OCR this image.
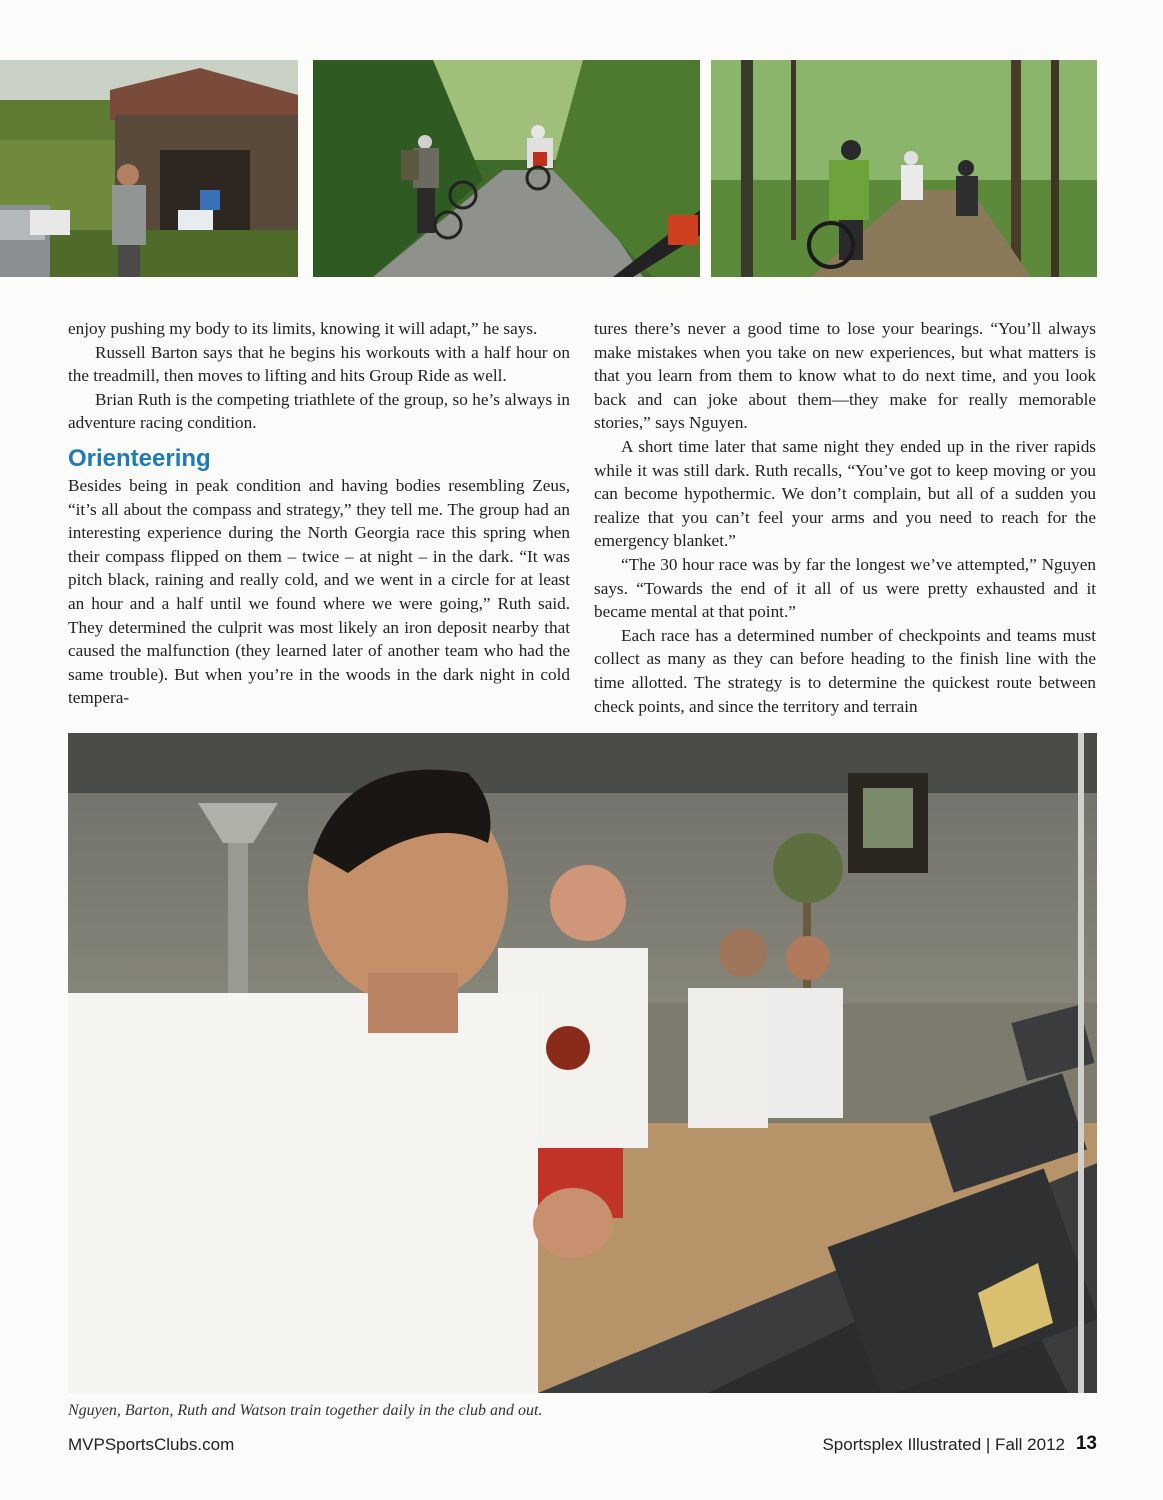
enjoy pushing my body to its limits, knowing it will adapt,” he says.

Russell Barton says that he begins his workouts with a half hour on the treadmill, then moves to lifting and hits Group Ride as well.

Brian Ruth is the competing triathlete of the group, so he’s always in adventure racing condition.

Orienteering

Besides being in peak condition and having bodies resembling Zeus, “it’s all about the compass and strategy,” they tell me. The group had an interesting experience during the North Georgia race this spring when their compass flipped on them – twice – at night – in the dark. “It was pitch black, raining and really cold, and we went in a circle for at least an hour and a half until we found where we were going,” Ruth said. They determined the culprit was most likely an iron deposit nearby that caused the malfunction (they learned later of another team who had the same trouble). But when you’re in the woods in the dark night in cold tempera-

tures there’s never a good time to lose your bearings. “You’ll always make mistakes when you take on new experiences, but what matters is that you learn from them to know what to do next time, and you look back and can joke about them—they make for really memorable stories,” says Nguyen.

A short time later that same night they ended up in the river rapids while it was still dark. Ruth recalls, “You’ve got to keep moving or you can become hypothermic. We don’t complain, but all of a sudden you realize that you can’t feel your arms and you need to reach for the emergency blanket.”

“The 30 hour race was by far the longest we’ve attempted,” Nguyen says. “Towards the end of it all of us were pretty exhausted and it became mental at that point.”

Each race has a determined number of checkpoints and teams must collect as many as they can before heading to the finish line with the time allotted. The strategy is to determine the quickest route between check points, and since the territory and terrain

Nguyen, Barton, Ruth and Watson train together daily in the club and out.
MVPSportsClubs.com	Sportsplex Illustrated | Fall 2012 13
